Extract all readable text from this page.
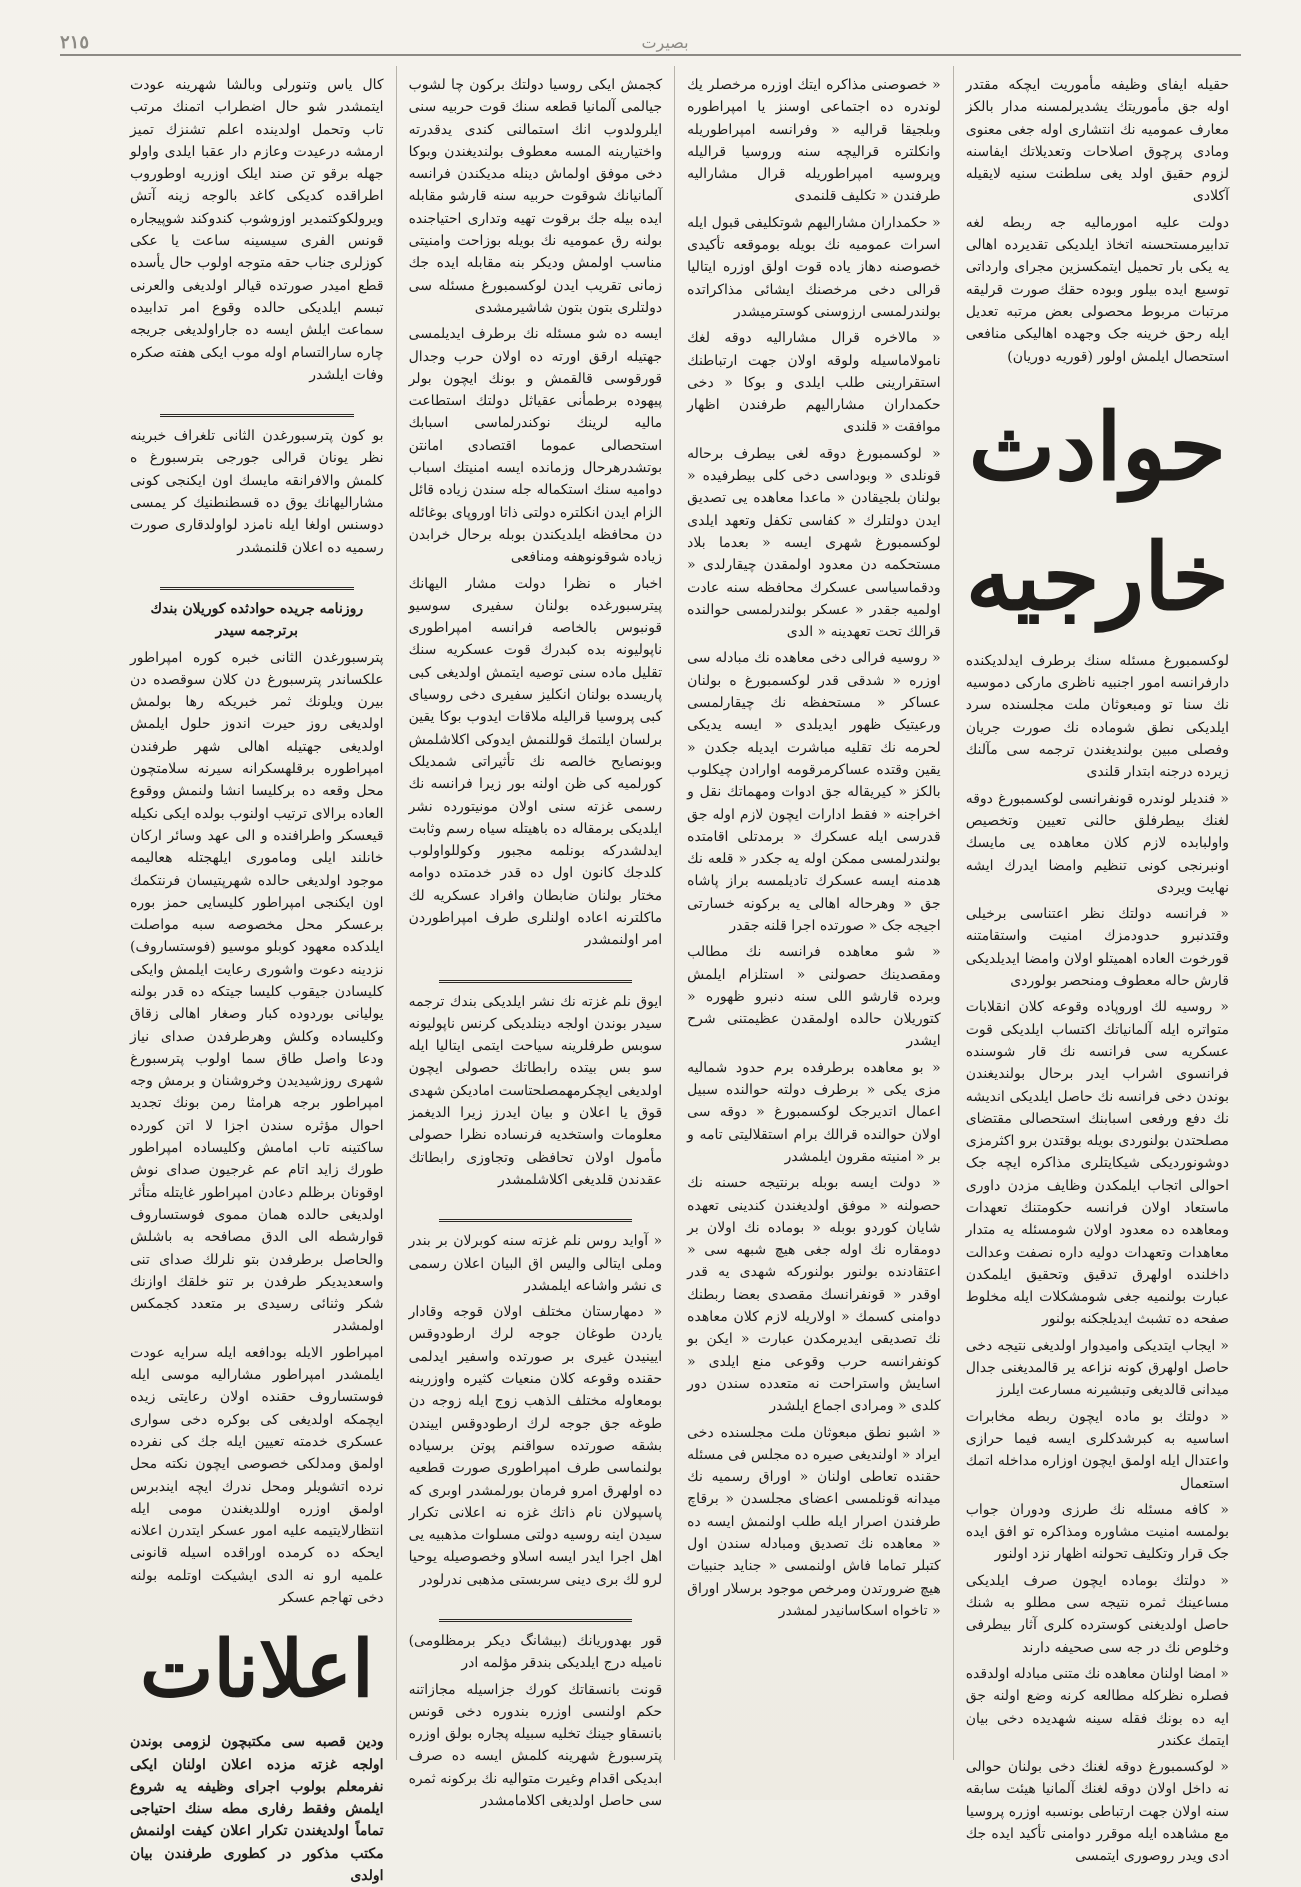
٢١٥	بصیرت

حقیله ایفای وظیفه مأموریت ایچکه مقتدر اوله جق مأموریتك یشدیرلمسنه مدار بالکز معارف عمومیه نك انتشاری اوله جغی معنوی ومادی پرچوق اصلاحات وتعدیلاتك ایفاسنه لزوم حقیق اولد یغی سلطنت سنیه لایقیله آکلادی

دولت علیه امورمالیه جه ربطه لغه تدابیرمستحسنه اتخاذ ایلدیکی تقدیرده اهالی یه یکی بار تحمیل ایتمکسزین مجرای وارداتی توسیع ایده بیلور وبوده حقك صورت قرلیقه مرتبات مربوط محصولی بعض مرتبه تعدیل ایله رحق خرینه جک وجهده اهالیکی منافعی استحصال ایلمش اولور (قوریه دوریان)

حوادث خارجیه

لوکسمبورغ مسئله سنك برطرف ایدلدیکنده دارفرانسه امور اجنبیه ناظری مارکی دموسیه نك سنا تو ومبعوثان ملت مجلسنده سرد ایلدیکی نطق شوماده نك صورت جریان وفصلی مبین بولندیغندن ترجمه سی مآلنك زیرده درجنه ابتدار قلندی

« فندیلر لوندره قونفرانسی لوکسمبورغ دوقه لغنك بیطرفلق حالنی تعیین وتخصیص واولبابده لازم کلان معاهده یی مایسك اونبرنجی کونی تنظیم وامضا ایدرك ایشه نهایت ویردی

« فرانسه دولتك نظر اعتناسی برخیلی وقتدنبرو حدودمزك امنیت واستقامتنه قورخوت العاده اهمیتلو اولان وامضا ایدیلدیکی قارش حاله معطوف ومنحصر بولوردی

« روسیه لك اوروپاده وقوعه کلان انقلابات متواتره ایله آلمانیاتك اکتساب ایلدیکی قوت عسکریه سی فرانسه نك قار شوسنده فرانسوی اشراب ایدر برحال بولندیغندن بوندن دخی فرانسه نك حاصل ایلدیکی اندیشه نك دفع ورفعی اسبابنك استحصالی مقتضای مصلحتدن بولنوردی بویله بوقتدن برو اکثرمزی دوشونوردیکی شیکایتلری مذاکره ایچه جک احوالی اتجاب ایلمکدن وظایف مزدن داوری ماستعاد اولان فرانسه حکومتنك تعهدات ومعاهده ده معدود اولان شومسئله یه متدار معاهدات وتعهدات دولیه داره نصفت وعدالت داخلنده اولهرق تدقیق وتحقیق ایلمکدن عبارت بولنمیه جغی شومشکلات ایله مخلوط صفحه ده تشبث ایدیلجکنه بولنور

« ایجاب ایتدیکی وامیدوار اولدیغی نتیجه دخی حاصل اولهرق کونه نزاعه یر قالمدیغنی جدال میدانی قالدیغی وتبشیرنه مسارعت ایلرز

« دولتك بو ماده ایچون ربطه مخابرات اساسیه به کبرشدکلری ایسه فیما حرازی واعتدال ایله اولمق ایچون اوزاره مداخله اتمك استعمال

« کافه مسئله نك طرزی ودوران جواب بولمسه امنیت مشاوره ومذاکره تو افق ایده جک قرار وتکلیف تحولنه اظهار نزد اولنور

« دولتك بوماده ایچون صرف ایلدیکی مساعینك ثمره نتیجه سی مطلو به شنك حاصل اولدیغنی کوسترده کلری آثار بیطرفی وخلوص نك در جه سی صحیفه دارند

« امضا اولنان معاهده نك متنی مبادله اولدقده فصلره نظرکله مطالعه کرنه وضع اولنه جق ایه ده بونك فقله سینه شهدیده دخی بیان ایتمك عکندر

« لوکسمبورغ دوقه لغنك دخی بولنان حوالی نه داخل اولان دوقه لغنك آلمانیا هیئت سابقه سنه اولان جهت ارتباطی بونسبه اوزره پروسیا مع مشاهده ایله موقرر دوامنی تأکید ایده جك ادی ویدر روصوری ایتمسی

« خصوصنی مذاکره ایتك اوزره مرخصلر یك لوندره ده اجتماعی اوسنز یا امپراطوره وبلجیقا قرالیه « وفرانسه امپراطوریله وانکلتره قرالیچه سنه وروسیا قرالیله وپروسیه امپراطوریله قرال مشارالیه طرفندن « تکلیف قلنمدی

« حکمداران مشارالیهم شوتکلیفی قبول ایله اسرات عمومیه نك بویله بوموقعه تأکیدی خصوصنه دهاز یاده قوت اولق اوزره ایتالیا قرالی دخی مرخصنك ایشائی مذاکراتده بولندرلمسی ارزوسنی کوسترمیشدر

« مالاخره قرال مشارالیه دوقه لغك نامولاماسیله ولوقه اولان جهت ارتباطنك استقرارینی طلب ایلدی و بوکا « دخی حکمداران مشارالیهم طرفندن اظهار موافقت « قلندی

« لوکسمبورغ دوقه لغی بیطرف برحاله قونلدی « وبوداسی دخی کلی بیطرفیده « بولنان بلجیقادن « ماعدا معاهده یی تصدیق ایدن دولتلرك « کفاسی تکفل وتعهد ایلدی لوکسمبورغ شهری ایسه « بعدما بلاد مستحکمه دن معدود اولمقدن چیقارلدی « ودقماسیاسی عسکرك محافظه سنه عادت اولمیه جقدر « عسکر بولندرلمسی حوالنده قرالك تحت تعهدینه « الدی

« روسیه فرالی دخی معاهده نك مبادله سی اوزره « شدقی قدر لوکسمبورغ ه بولنان عساکر « مستحفظه نك چیقارلمسی ورعیتیک ظهور ایدیلدی « ایسه یدیکی لحرمه نك تقلیه مباشرت ایدیله جکدن « یقین وقتده عساکرمرقومه اوارادن چیکلوب بالکز « کیریقاله جق ادوات ومهماتك نقل و اخراجنه « فقط ادارات ایچون لازم اوله جق قدرسی ایله عسکرك « برمدتلی اقامتده بولندرلمسی ممکن اوله یه جکدر « قلعه نك هدمنه ایسه عسکرك تادیلمسه براز پاشاه جق « وهرحاله اهالی یه برکونه خسارتی اجیجه جک « صورتده اجرا قلنه جقدر

« شو معاهده فرانسه نك مطالب ومقصدینك حصولنی « استلزام ایلمش وبرده قارشو اللی سنه دنبرو ظهوره « کتوریلان حالده اولمقدن عظیمتنی شرح ایشدر

« بو معاهده برطرفده برم حدود شمالیه مزی یکی « برطرف دولته حوالنده سبیل اعمال اتدیرجک لوکسمبورغ « دوقه سی اولان حوالنده قرالك برام استقلالیتی تامه و بر « امنیته مقرون ایلمشدر

« دولت ایسه بوبله برنتیجه حسنه نك حصولنه « موفق اولدیغندن کندینی تعهده شایان کوردو بوبله « بوماده نك اولان بر دومقاره نك اوله جغی هیچ شبهه سی « اعتقادنده بولنور بولنورکه شهدی یه قدر اوقدر « قونفرانسك مقصدی بعضا ربطنك دوامنی کسمك « اولاریله لازم کلان معاهده نك تصدیقی ایدیرمکدن عبارت « ایکن بو کونفرانسه حرب وقوعی منع ایلدی « اسایش واستراحت نه متعدده سندن دور کلدی « ومرادی اجماع ایلشدر

« اشبو نطق مبعوثان ملت مجلسنده دخی ایراد « اولندیغی صیره ده مجلس فی مسئله حقنده تعاطی اولنان « اوراق رسمیه نك میدانه قونلمسی اعضای مجلسدن « برقاچ طرفندن اصرار ایله طلب اولنمش ایسه ده « معاهده نك تصدیق ومبادله سندن اول کتبلر تماما فاش اولنمسی « جناید جنبیات هیچ ضرورتدن ومرخص موجود برسلار اوراق « تاخواه اسکاسانیدر لمشدر

کجمش ایکی روسیا دولتك برکون چا لشوب جیالمی آلمانیا قطعه سنك قوت حربیه سنی ایلرولدوب انك استمالنی کندی یدقدرته واختیارینه المسه معطوف بولندیغندن وبوکا دخی موفق اولماش دینله مدیکندن فرانسه آلمانیانك شوقوت حربیه سنه قارشو مقابله ایده بیله جك برقوت تهیه وتداری احتیاجنده بولنه رق عمومیه نك بویله بوزاحت وامنیتی مناسب اولمش ودیکر بنه مقابله ایده جك زمانی تقریب ایدن لوکسمبورغ مسئله سی دولتلری بتون بتون شاشیرمشدی

ایسه ده شو مسئله نك برطرف ایدیلمسی جهتیله ارقق اورته ده اولان حرب وجدال قورقوسی قالقمش و بونك ایچون بولر پیهوده برطمأنی عقیاثل دولتك استطاعت مالیه لرینك نوکندرلماسی اسبابك استحصالی عموما اقتصادی امانتن بوتشدرهرحال وزمانده ایسه امنیتك اسباب دوامیه سنك استکماله جله سندن زیاده قائل الزام ایدن انکلتره دولتی ذاتا اوروپای بوغائله دن محافظه ایلدیکندن بوبله برحال خرابدن زیاده شوقونوهفه ومنافعی

اخبار ه نظرا دولت مشار الیهانك پیترسبورغده بولنان سفیری سوسیو قونبوس بالخاصه فرانسه امپراطوری ناپولیونه بده کبدرك قوت عسکریه سنك تقلیل ماده سنی توصیه ایتمش اولدیغی کبی پاریسده بولنان انکلیز سفیری دخی روسیای کبی پروسیا قرالیله ملاقات ایدوب بوکا یقین برلسان ایلتمك قوللنمش ایدوکی اکلاشلمش وبونصایح خالصه نك تأثیراتی شمدیلک کورلمیه کی ظن اولنه بور زیرا فرانسه نك رسمی غزته سنی اولان مونیتورده نشر ایلدیکی برمقاله ده باهیتله سیاه رسم وثابت ایدلشدرکه بونلمه مجبور وکوللواولوب کلدجك کانون اول ده قدر خدمتده دوامه مختار بولنان ضابطان وافراد عسکریه لك ماکلترنه اعاده اولنلری طرف امپراطوردن امر اولنمشدر

ایوق نلم غزته نك نشر ایلدیکی بندك ترجمه سیدر بوندن اولجه دینلدیکی کرنس ناپولیونه سوبس طرفلرینه سیاحت ایتمی ایتالیا ایله سو بس بیتده رابطاتك حصولی ایچون اولدیغی ایچکرمهمصلحتاست امادیکن شهدی قوق یا اعلان و بیان ایدرز زیرا الدیغمز معلومات واستخدیه فرنساده نظرا حصولی مأمول اولان تحافظی وتجاوزی رابطاتك عقدندن قلدیغی اکلاشلمشدر

« آواید روس نلم غزته سنه کوبرلان بر بندر وملی ایتالی والیس اق البیان اعلان رسمی ی نشر واشاعه ایلمشدر

« دمهارستان مختلف اولان قوجه وقادار یاردن طوغان جوجه لرك ارطودوقس ایینیدن غیری بر صورتده واسفیر ایدلمی حقنده وقوعه کلان منعیات کثیره واوزرینه بومعاوله مختلف الذهب زوج ایله زوجه دن طوغه جق جوجه لرك ارطودوقس اییندن بشقه صورتده سواقنم پوتن برسیاده بولنماسی طرف امپراطوری صورت قطعیه ده اولهرق امرو فرمان بورلمشدر اوبری که پاسپولان نام ذاتك غزه نه اعلانی تکرار سیدن اینه روسیه دولتی مسلوات مذهبیه یی اهل اجرا ایدر ایسه اسلاو وخصوصیله یوحیا لرو لك بری دینی سربستی مذهبی ندرلودر

قور بهدوریانك (بیشانگ دیکر برمظلومی) نامیله درج ایلدیکی بندقر مؤلمه ادر

قونت بانسقاتك کورك جزاسیله مجازاتنه حکم اولنسی اوزره بندوره دخی قونس بانسقاو جینك تخلیه سبیله پجاره بولق اوزره پترسبورغ شهرینه کلمش ایسه ده صرف ابدیکی اقدام وغیرت متوالیه نك برکونه ثمره سی حاصل اولدیغی اکلامامشدر

کال یاس وتنورلی وبالشا شهرینه عودت ایتمشدر شو حال اضطراب اتمنك مرتب تاب وتحمل اولدینده اعلم تشنزك تمیز ارمشه درعیدت وعازم دار عقبا ایلدی واولو جهله برقو تن صند ایلک اوزریه اوطوروب اطراقده کدیکی کاغد بالوجه زینه آتش ویرولکوکتمدیر اوزوشوب کندوکند شوپیجاره قونس الفری سیسینه ساعت یا عکی کوزلری جناب حقه متوجه اولوب حال یأسده قطع امیدر صورتده قیالر اولدیغی والعرنی تبسم ایلدیکی حالده وقوع امر تدابیده سماعت ایلش ایسه ده جاراولدیغی جریجه چاره سارالتسام اوله موب ایکی هفته صکره وفات ایلشدر

بو کون پترسبورغدن الثانی تلغراف خبرینه نظر یونان قرالی جورجی بترسبورغ ه کلمش والافرانقه مایسك اون ایکنجی کونی مشارالیهانك یوق ده قسطنطنیك کر یمسی دوسنس اولغا ایله نامزد لواولدقاری صورت رسمیه ده اعلان قلنمشدر

روزنامه جریده حوادثده کوریلان بندك برترجمه سیدر

پترسبورغدن الثانی خبره کوره امپراطور علکساندر پترسبورغ دن کلان سوقصده دن بیرن ویلونك ثمر خبریکه رها بولمش اولدیغی روز حیرت اندوز حلول ایلمش اولدیغی جهتیله اهالی شهر طرفندن امپراطوره برقلهسکرانه سیرنه سلامتچون محل وقعه ده برکلیسا انشا ولنمش ووقوع العاده برالای ترتیب اولنوب بولده ایکی نکیله قیعسکر واطرافنده و الی عهد وسائر ارکان خانلند ایلی وماموری ایلهجتله هعالیمه موجود اولدیغی حالده شهرپتیسان فرنتکمك اون ایکنجی امپراطور کلیسایی حمز بوره برعسکر محل مخصوصه سبه مواصلت ایلدکده معهود کوبلو موسیو (فوستساروف) نزدینه دعوت واشوری رعایت ایلمش وایکی کلیسادن جیقوب کلیسا جیتکه ده قدر بولنه یولیانی بوردوده کبار وصغار اهالی زقاق وکلیساده وکلش وهرطرفدن صدای نیاز ودعا واصل طاق سما اولوب پترسبورغ شهری روزشیدیدن وخروشنان و برمش وجه امپراطور برجه هرامثا رمن بونك تجدید احوال مؤثره سندن اجزا لا اتن کورده ساکتینه تاب امامش وکلیساده امپراطور طورك زاید اتام عم غرجیون صداى نوش اوقونان برظلم دعادن امپراطور غایتله متأثر اولدیغی حالده همان مموی فوستساروف قوارشطه الی الدق مصافحه به باشلش والحاصل برطرفدن بتو نلرلك صدای تنی واسعدیدیکر طرفدن بر تنو خلقك اوازنك شکر وثنائی رسیدی بر متعدد کجمکس اولمشدر

امپراطور الایله بودافعه ایله سرایه عودت ایلمشدر امپراطور مشارالیه موسی ایله فوستساروف حقنده اولان رعایتی زیده ایچمکه اولدیغی کی بوکره دخی سواری عسکری خدمته تعیین ایله جك کی نفرده اولمق ومدلکی خصوصی ایچون نکته محل نرده اتشویلر ومحل ندرك ایچه ایندبرس اولمق اوزره اوللدیغندن مومی ایله انتظارلایتیمه علیه امور عسکر ایتدرن اعلانه ایحکه ده کرمده اوراقده اسیله قانونی علمیه ارو نه الدی ایشیکت اوتلمه بولنه دخی تهاجم عسکر

اعلانات

ودین قصبه سی مکتبچون لزومی بوندن اولجه غزته مزده اعلان اولنان ایکی نفرمعلم بولوب اجرای وظیفه یه شروع ایلمش وفقط رفاری مطه سنك احتیاجی تماماً اولدیغندن تکرار اعلان کیفت اولنمش مکتب مذکور در کطوری طرفندن بیان اولدی
